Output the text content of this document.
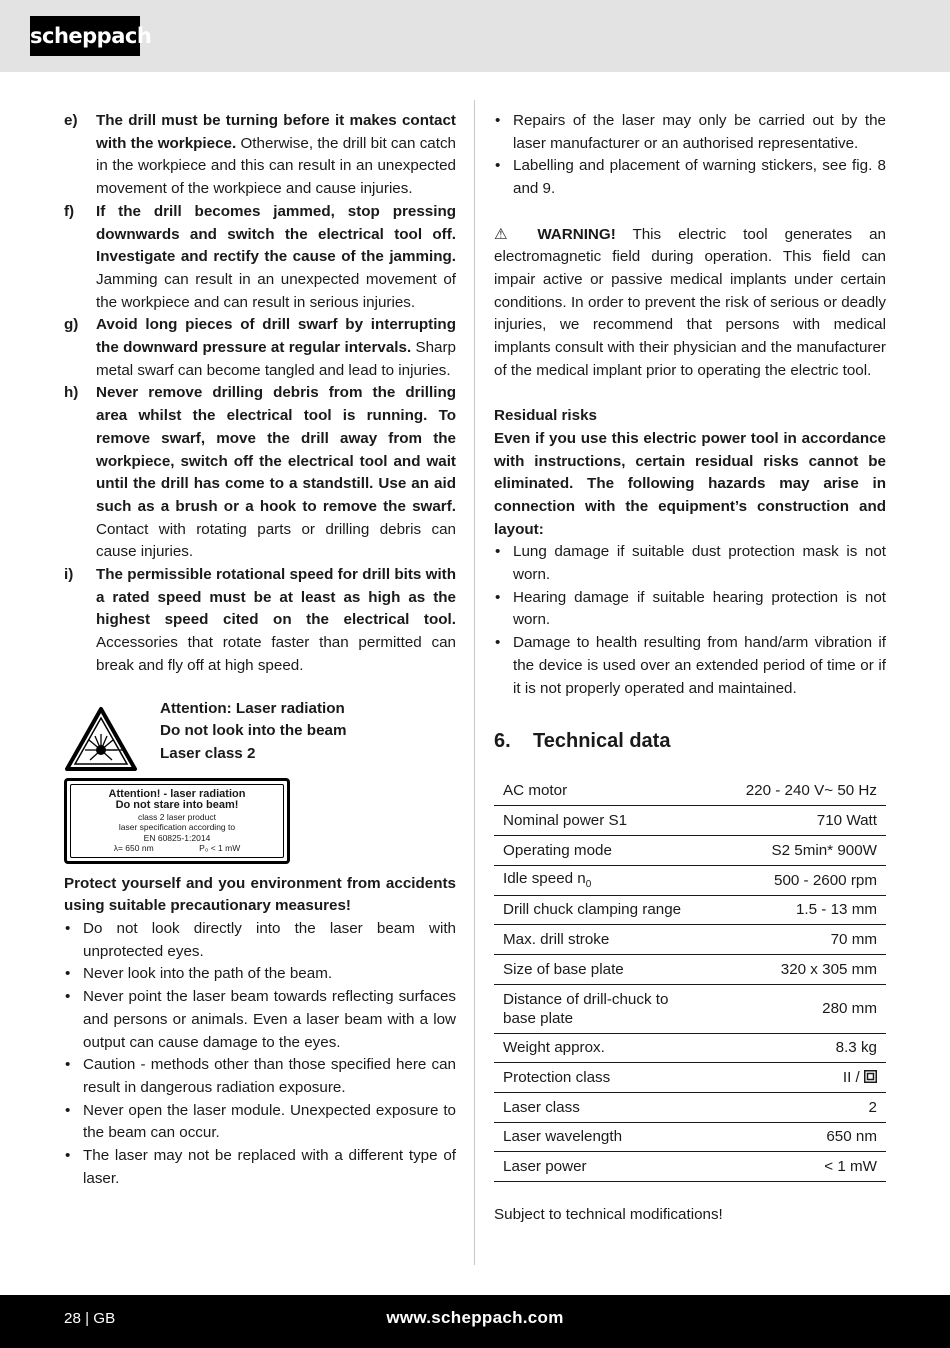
scheppach
e)	The drill must be turning before it makes contact with the workpiece. Otherwise, the drill bit can catch in the workpiece and this can result in an unexpected movement of the workpiece and cause injuries.
f)	If the drill becomes jammed, stop pressing downwards and switch the electrical tool off. Investigate and rectify the cause of the jamming. Jamming can result in an unexpected movement of the workpiece and can result in serious injuries.
g)	Avoid long pieces of drill swarf by interrupting the downward pressure at regular intervals. Sharp metal swarf can become tangled and lead to injuries.
h)	Never remove drilling debris from the drilling area whilst the electrical tool is running. To remove swarf, move the drill away from the workpiece, switch off the electrical tool and wait until the drill has come to a standstill. Use an aid such as a brush or a hook to remove the swarf. Contact with rotating parts or drilling debris can cause injuries.
i)	The permissible rotational speed for drill bits with a rated speed must be at least as high as the highest speed cited on the electrical tool. Accessories that rotate faster than permitted can break and fly off at high speed.
Attention: Laser radiation
Do not look into the beam
Laser class 2
Attention! - laser radiation
Do not stare into beam!
class 2 laser product
laser specification according to
EN 60825-1:2014
λ= 650 nm	P₀ < 1 mW
Protect yourself and you environment from accidents using suitable precautionary measures!
• Do not look directly into the laser beam with unprotected eyes.
• Never look into the path of the beam.
• Never point the laser beam towards reflecting surfaces and persons or animals. Even a laser beam with a low output can cause damage to the eyes.
• Caution - methods other than those specified here can result in dangerous radiation exposure.
• Never open the laser module. Unexpected exposure to the beam can occur.
• The laser may not be replaced with a different type of laser.
• Repairs of the laser may only be carried out by the laser manufacturer or an authorised representative.
• Labelling and placement of warning stickers, see fig. 8 and 9.
⚠ WARNING! This electric tool generates an electromagnetic field during operation. This field can impair active or passive medical implants under certain conditions. In order to prevent the risk of serious or deadly injuries, we recommend that persons with medical implants consult with their physician and the manufacturer of the medical implant prior to operating the electric tool.
Residual risks
Even if you use this electric power tool in accordance with instructions, certain residual risks cannot be eliminated. The following hazards may arise in connection with the equipment’s construction and layout:
• Lung damage if suitable dust protection mask is not worn.
• Hearing damage if suitable hearing protection is not worn.
• Damage to health resulting from hand/arm vibration if the device is used over an extended period of time or if it is not properly operated and maintained.
6.	Technical data
AC motor	220 - 240 V~ 50 Hz
Nominal power S1	710 Watt
Operating mode	S2 5min* 900W
Idle speed $n_0$	500 - 2600 rpm
Drill chuck clamping range	1.5 - 13 mm
Max. drill stroke	70 mm
Size of base plate	320 x 305 mm
Distance of drill-chuck to base plate	280 mm
Weight approx.	8.3 kg
Protection class	II /
Laser class	2
Laser wavelength	650 nm
Laser power	< 1 mW
Subject to technical modifications!
28 | GB	www.scheppach.com
